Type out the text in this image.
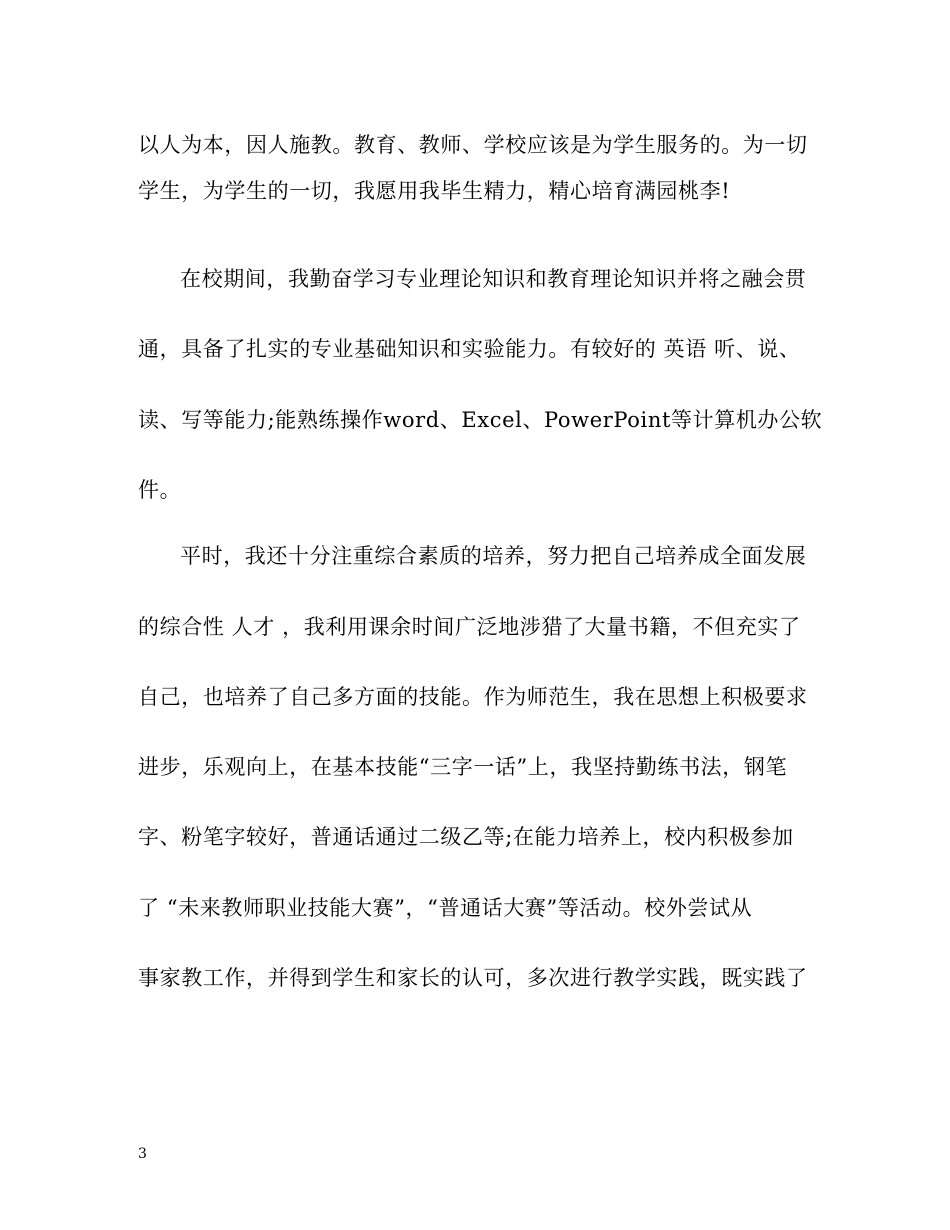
以人为本，因人施教。教育、教师、学校应该是为学生服务的。为一切
学生，为学生的一切，我愿用我毕生精力，精心培育满园桃李!
在校期间，我勤奋学习专业理论知识和教育理论知识并将之融会贯
通，具备了扎实的专业基础知识和实验能力。有较好的 英语 听、说、
读、写等能力;能熟练操作word、Excel、PowerPoint等计算机办公软
件。
平时，我还十分注重综合素质的培养，努力把自己培养成全面发展
的综合性 人才 ，我利用课余时间广泛地涉猎了大量书籍，不但充实了
自己，也培养了自己多方面的技能。作为师范生，我在思想上积极要求
进步，乐观向上，在基本技能“三字一话”上，我坚持勤练书法，钢笔
字、粉笔字较好，普通话通过二级乙等;在能力培养上，校内积极参加
了 “未来教师职业技能大赛”，“普通话大赛”等活动。校外尝试从
事家教工作，并得到学生和家长的认可，多次进行教学实践，既实践了
3
